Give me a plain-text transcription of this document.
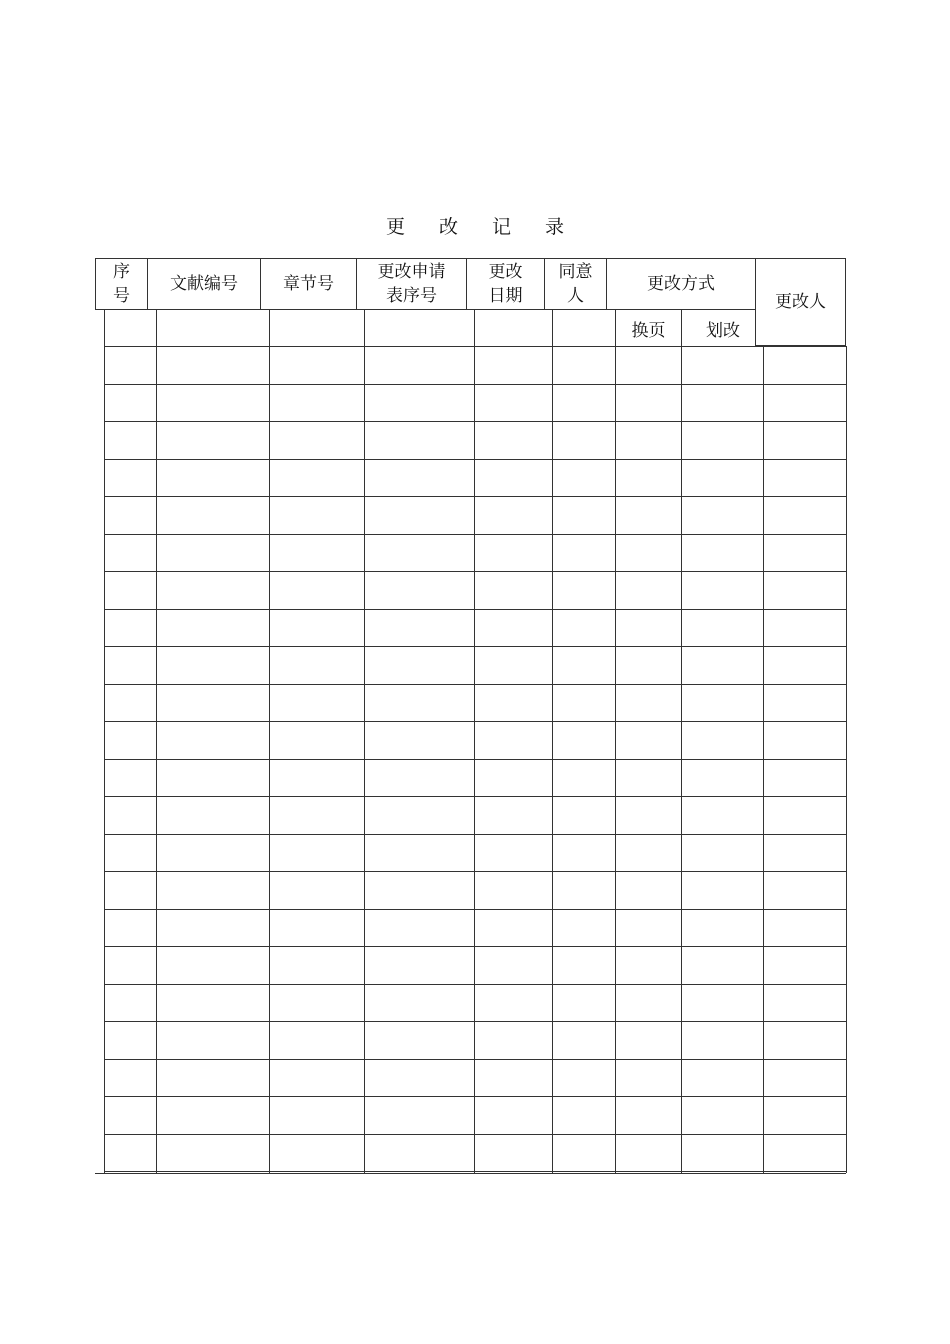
更 改 记 录
序
号
文献编号	章节号
更改申请
表序号
更改
日期
同意
人
更改方式
更改人
换页	划改
